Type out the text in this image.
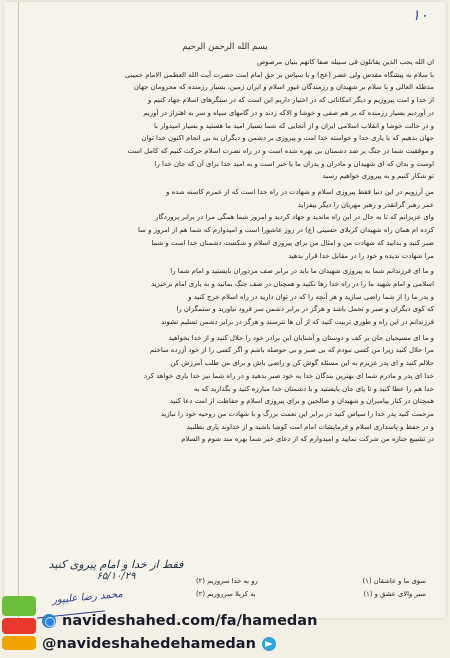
١٠
بسم الله الرحمن الرحیم
ان الله یحب الذین یقاتلون فی سبیله صفا کانهم بنیان مرصوص
با سلام به پیشگاه مقدس ولی عصر (عج) و با سپاس بر حق امام امت حضرت آیت الله العظمی الامام خمینی
مدظله العالی و با سلام بر شهیدان و رزمندگان غیور اسلام و ایران زمین، بسیار رزمنده که محرومان جهان
از خدا و امت پیروزیم و دیگر امکاناتی که در اختیار داریم این است که در سنگرهای اسلام جهاد کنیم و
در آوردیم بسیار رزمنده که بر هم صفی و خوشا و الاکه زدند و در گامهای سپاه و سر به اهتزاز در آوریم
و در حالت خوشا و انقلاب اسلامی ایران و از آنجایی که شما بسیار امید ما هستید و بسیار امیدوار با
جهان بدهیم که با یاری خدا و خواسته خدا امت و پیروزی بر دشمن و دیگران به بی انجام اکنون خدا توان
و موفقیت شما در جنگ بر ضد دشمنان بی بهره شده است و در راه نصرت اسلام حرکت کنیم که کامل است
اوست و بدان که ای شهیدان و مادران و پدران ما با خبر است و به امید خدا برای آن که جان خدا را
تو شکار کنیم و به پیروزی خواهیم رسید
من آرزویم در این دنیا فقط پیروزی اسلام و شهادت در راه خدا است که از عمرم کاسته شده و
عمر رهبر گرانقدر و رهبر مهربان را دیگر بیفزاید
وای عزیزانم که تا به حال در این راه ماندید و جهاد کردید و امروز شما همگی مرا در برابر پروردگار
کرده ام همان راه شهیدان کربلای حسینی (ع) در روز عاشورا است و امیدوارم که شما هم از امروز و سا
صبر کنید و بدانید که شهادت من و امثال من برای پیروزی اسلام و شکست دشمنان خدا است و شما
مرا شهادت ندیده و خود را در مقابل خدا قرار بدهید
و ما ای فرزندانم شما به پیروزی شهیدان ما باید در برابر صف مزدوران بایستید و امام شما را
اسلامی و امام شهید ما را در راه خدا رها نکنید و همچنان در صف جنگ بمانید و به یاری امام برخیزید
و پدر ما را از شما راضی سازید و هر آنچه را که در توان دارید در راه اسلام خرج کنید و
که کوی دیگران و صبر و تحمل باشد و هرگز در برابر دشمن سر فرود نیاورید و ستمگران را
فرزندانم در این راه و طوری تربیت کنید که از آن ها نترسند و هرگز در برابر دشمن تسلیم نشوند
و ما ای مسیحیان جان بر کف و دوستان و آشنایان این برادر خود را حلال کنید و از خدا بخواهید
مرا حلال کنید زیرا من کسی نبودم که بی صبر و بی حوصله باشم و اگر کسی را از خود آزرده ساختم
حلالم کنید و ای پدر عزیزم به این مسئله گوش کن و راضی باش و برای من طلب آمرزش کن
خدا ای پدر و مادرم شما ای بهترین بندگان خدا به خود صبر بدهید و در راه شما نیز خدا یاری خواهد کرد
خدا هم را عطا کنید و تا پای جان بایستید و با دشمنان خدا مبارزه کنید و بگذارید که به
همچنان در کنار پیامبران و شهیدان و صالحین و برای پیروزی اسلام و حفاظت از امت دعا کنید
مرحمت کنید پدر خدا را سپاس کنید در برابر این نعمت بزرگ و با شهادت من روحیه خود را نبازید
و در حفظ و پاسداری اسلام و فرمایشات امام امت کوشا باشید و از خداوند یاری بطلبید
در تشییع جنازه من شرکت نمایید و امیدوارم که از دعای خیر شما بهره مند شوم و السلام
فقط از خدا و امام پیروی کنید
۶۵/۱۰/۲۹	سوی ما و عاشقان (۱)
رو به خدا سروریم (۲)
سیر والای عشق و (۱)
به کربلا سرروریم (۲)
محمد رضا علیپور
navideshahed.com/fa/hamedan
@navideshahedehamedan
